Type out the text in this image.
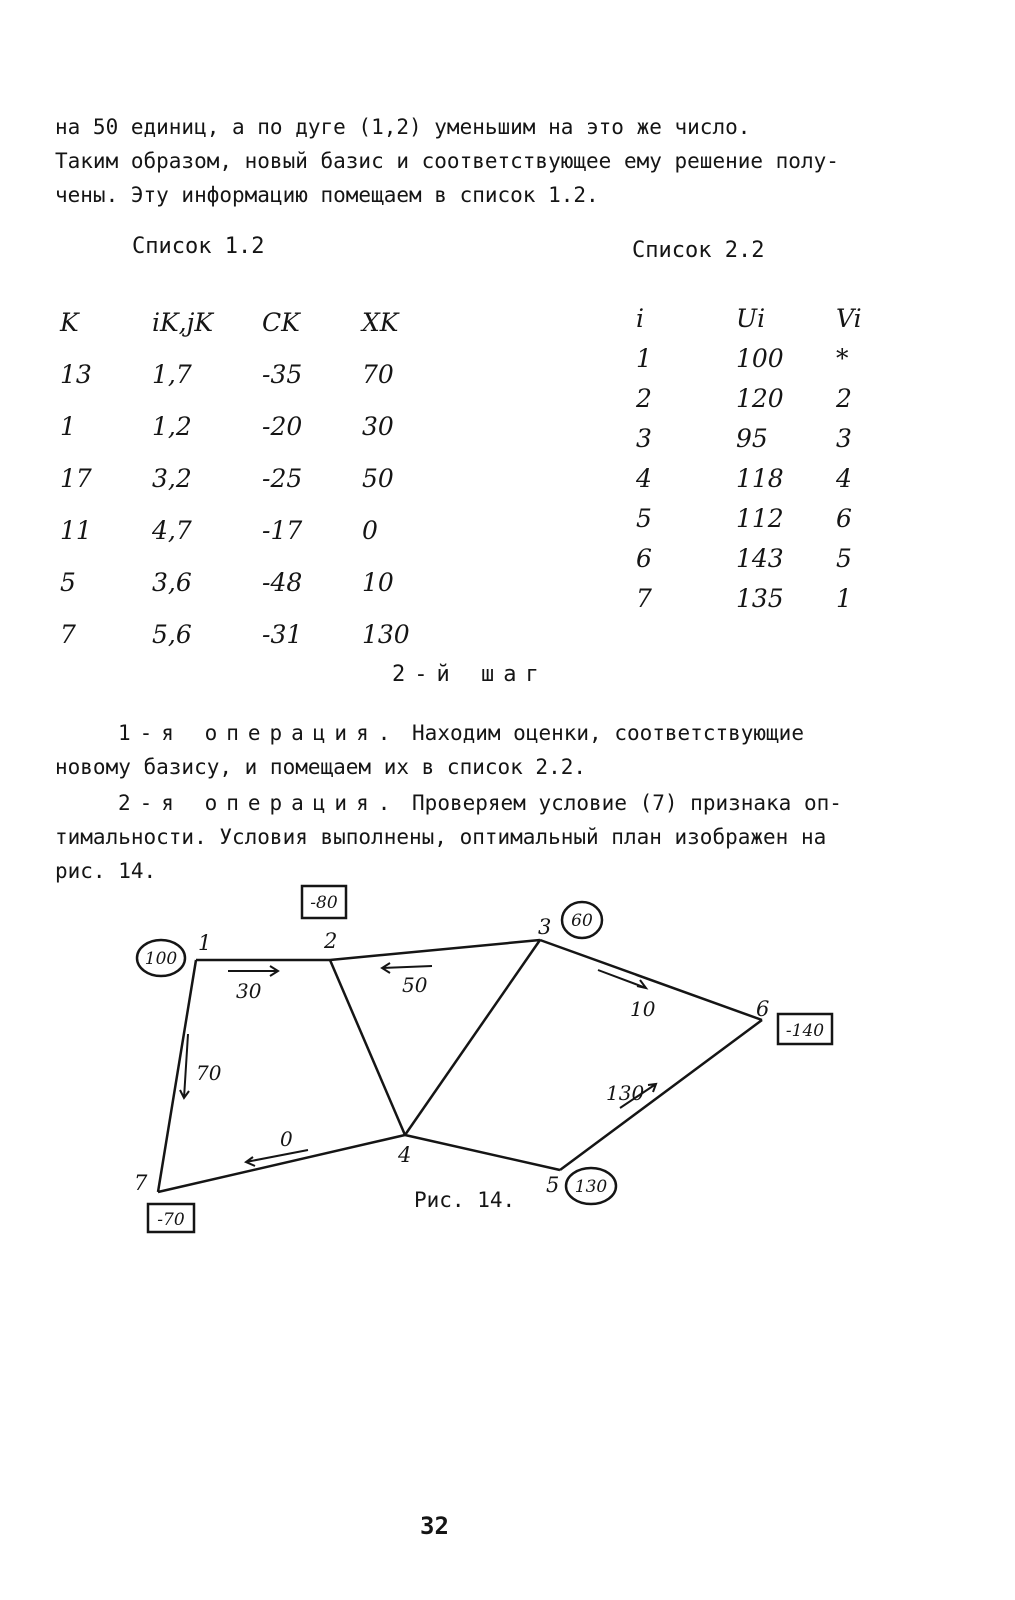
на 50 единиц, а по дуге (1,2) уменьшим на это же число.

Таким образом, новый базис и соответствующее ему решение полу-

чены. Эту информацию помещаем в список 1.2.

Список 1.2	Список 2.2
K	iK,jK	CK	XK
13	1,7	-35	70
1	1,2	-20	30
17	3,2	-25	50
11	4,7	-17	0
5	3,6	-48	10
7	5,6	-31	130
i	Ui	Vi
1	100	*
2	120	2
3	95	3
4	118	4
5	112	6
6	143	5
7	135	1
2-й шаг

1-я операция. Находим оценки, соответствующие

новому базису, и помещаем их в список 2.2.

2-я операция. Проверяем условие (7) признака оп-

тимальности. Условия выполнены, оптимальный план изображен на

рис. 14.

30	50
10
130
70
0
1	2
3
4
5
6
7
100
-80
60
130
-140
-70
Рис. 14.
32
